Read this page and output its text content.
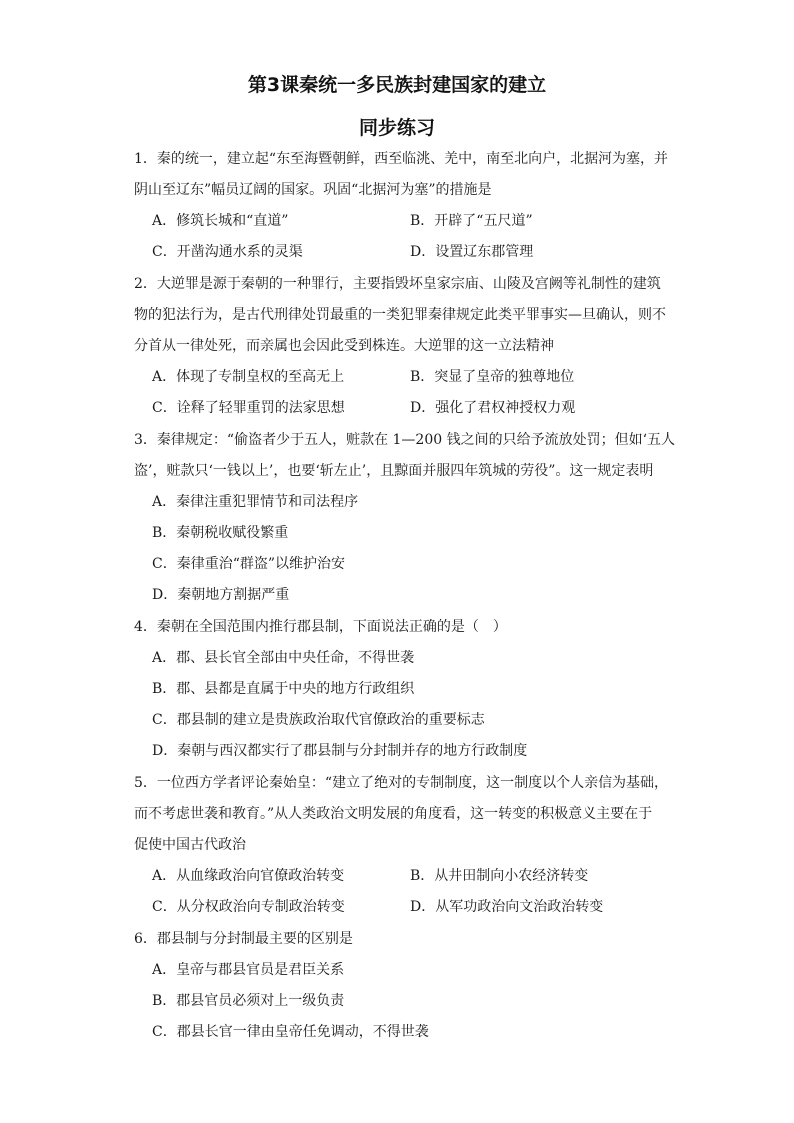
第3课秦统一多民族封建国家的建立
同步练习
1．秦的统一，建立起“东至海暨朝鲜，西至临洮、羌中，南至北向户，北据河为塞，并
阴山至辽东”幅员辽阔的国家。巩固“北据河为塞”的措施是
A．修筑长城和“直道”	B．开辟了“五尺道”
C．开凿沟通水系的灵渠	D．设置辽东郡管理
2．大逆罪是源于秦朝的一种罪行，主要指毁坏皇家宗庙、山陵及宫阙等礼制性的建筑
物的犯法行为，是古代刑律处罚最重的一类犯罪秦律规定此类平罪事实—旦确认，则不
分首从一律处死，而亲属也会因此受到株连。大逆罪的这一立法精神
A．体现了专制皇权的至高无上	B．突显了皇帝的独尊地位
C．诠释了轻罪重罚的法家思想	D．强化了君权神授权力观
3．秦律规定：“偷盗者少于五人，赃款在 1—200 钱之间的只给予流放处罚；但如‘五人
盗’，赃款只‘一钱以上’，也要‘斩左止’，且黥面并服四年筑城的劳役”。这一规定表明
A．秦律注重犯罪情节和司法程序
B．秦朝税收赋役繁重
C．秦律重治“群盗”以维护治安
D．秦朝地方割据严重
4．秦朝在全国范围内推行郡县制，下面说法正确的是（　）
A．郡、县长官全部由中央任命，不得世袭
B．郡、县都是直属于中央的地方行政组织
C．郡县制的建立是贵族政治取代官僚政治的重要标志
D．秦朝与西汉都实行了郡县制与分封制并存的地方行政制度
5．一位西方学者评论秦始皇：“建立了绝对的专制制度，这一制度以个人亲信为基础，
而不考虑世袭和教育。”从人类政治文明发展的角度看，这一转变的积极意义主要在于
促使中国古代政治
A．从血缘政治向官僚政治转变	B．从井田制向小农经济转变
C．从分权政治向专制政治转变	D．从军功政治向文治政治转变
6．郡县制与分封制最主要的区别是
A．皇帝与郡县官员是君臣关系
B．郡县官员必须对上一级负责
C．郡县长官一律由皇帝任免调动，不得世袭
